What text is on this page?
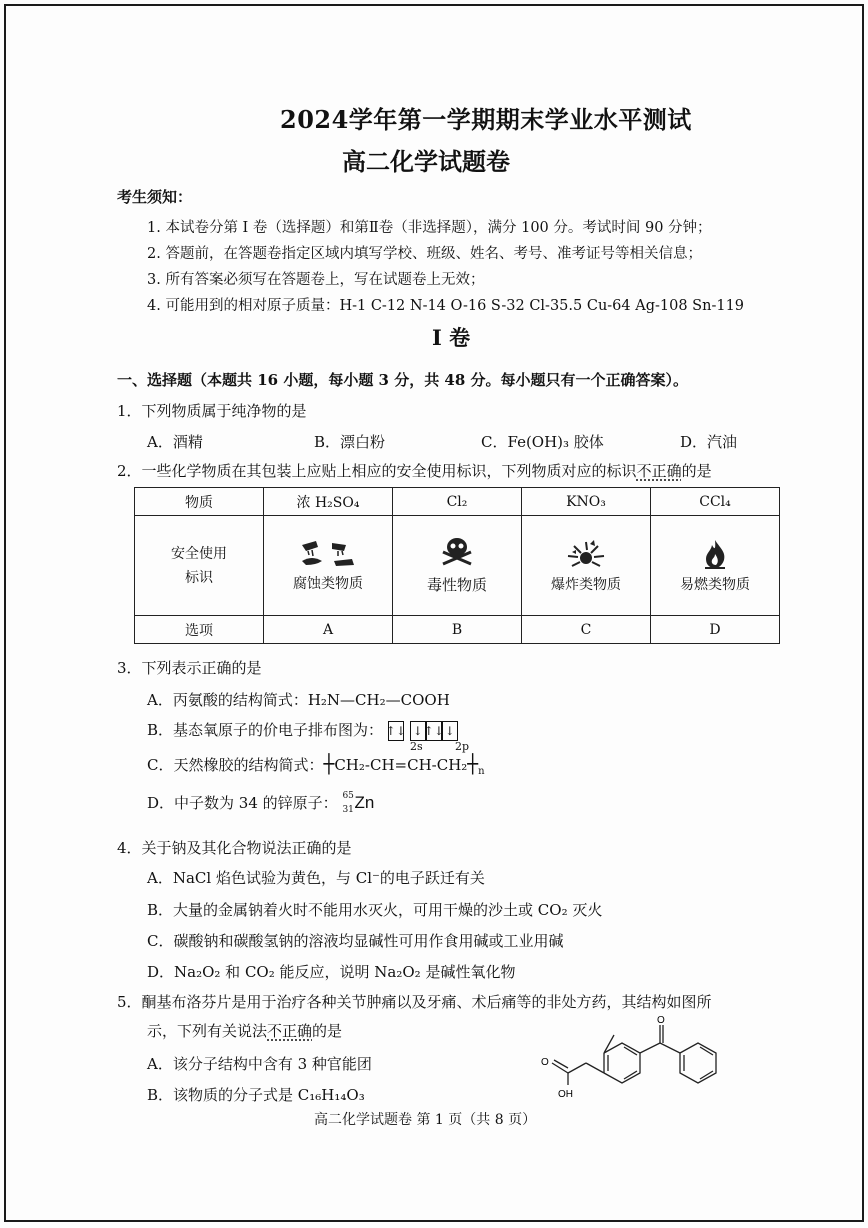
2024学年第一学期期末学业水平测试
高二化学试题卷
考生须知：
1. 本试卷分第 Ⅰ 卷（选择题）和第Ⅱ卷（非选择题），满分 100 分。考试时间 90 分钟；
2. 答题前，在答题卷指定区域内填写学校、班级、姓名、考号、准考证号等相关信息；
3. 所有答案必须写在答题卷上，写在试题卷上无效；
4. 可能用到的相对原子质量：H-1 C-12 N-14 O-16 S-32 Cl-35.5 Cu-64 Ag-108 Sn-119
Ⅰ 卷
一、选择题（本题共 16 小题，每小题 3 分，共 48 分。每小题只有一个正确答案）。
1．下列物质属于纯净物的是
A．酒精	B．漂白粉	C．Fe(OH)₃ 胶体	D．汽油
2．一些化学物质在其包装上应贴上相应的安全使用标识，下列物质对应的标识不正确的是
物质	浓 H₂SO₄	Cl₂	KNO₃	CCl₄

安全使用标识	腐蚀类物质	毒性物质	爆炸类物质	易燃类物质

选项	A	B	C	D
3．下列表示正确的是
A．丙氨酸的结构简式：H₂N—CH₂—COOH
B．基态氧原子的价电子排布图为： ↑↓ ↓ ↑↓ ↓
2s	2p
C．天然橡胶的结构简式：$┼CH_2-CH=CH-CH_2┼_n$
D．中子数为 34 的锌原子： 65
31 Zn
4．关于钠及其化合物说法正确的是
A．NaCl 焰色试验为黄色，与 Cl⁻的电子跃迁有关
B．大量的金属钠着火时不能用水灭火，可用干燥的沙土或 CO₂ 灭火
C．碳酸钠和碳酸氢钠的溶液均显碱性可用作食用碱或工业用碱
D．Na₂O₂ 和 CO₂ 能反应，说明 Na₂O₂ 是碱性氧化物
5．酮基布洛芬片是用于治疗各种关节肿痛以及牙痛、术后痛等的非处方药，其结构如图所
示，下列有关说法不正确的是
A．该分子结构中含有 3 种官能团
B．该物质的分子式是 C₁₆H₁₄O₃
O
OH
O
高二化学试题卷 第 1 页（共 8 页）
